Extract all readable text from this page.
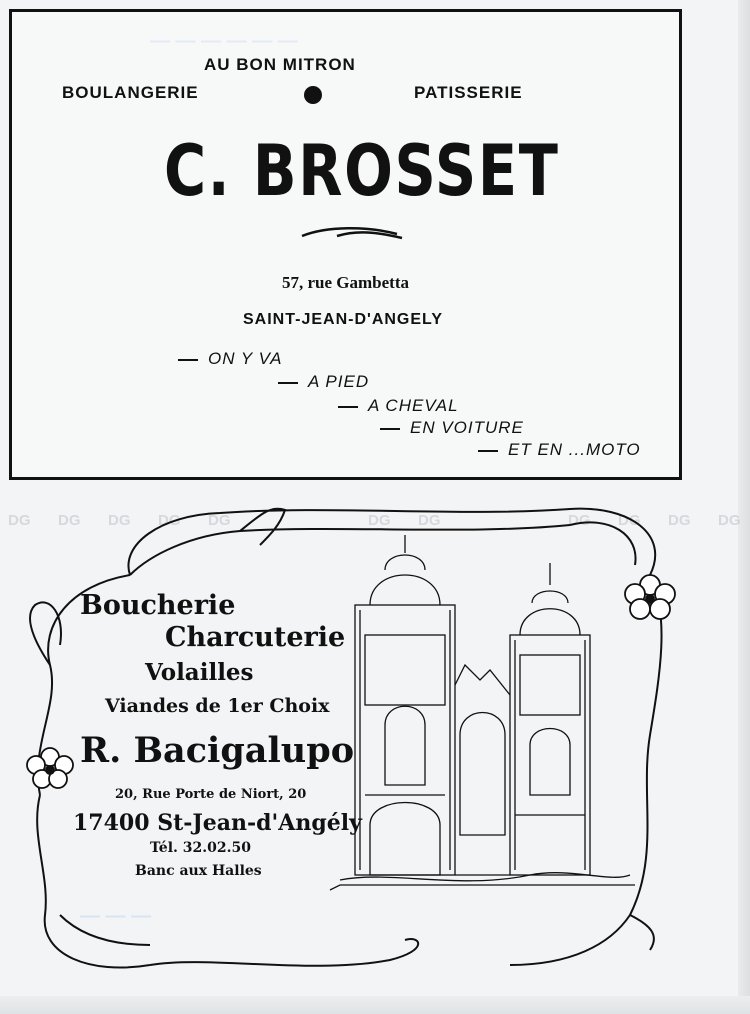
— — — — — —
AU BON MITRON
BOULANGERIE	PATISSERIE
C. BROSSET
57, rue Gambetta
SAINT-JEAN-D'ANGELY
ON Y VA
A PIED
A CHEVAL
EN VOITURE
ET EN ...MOTO
DG DG DG DG DG	DG DG	DG DG DG DG
Boucherie
Charcuterie
Volailles
Viandes de 1er Choix
R. Bacigalupo
20, Rue Porte de Niort, 20
17400 St-Jean-d'Angély
Tél. 32.02.50
Banc aux Halles
— — —
